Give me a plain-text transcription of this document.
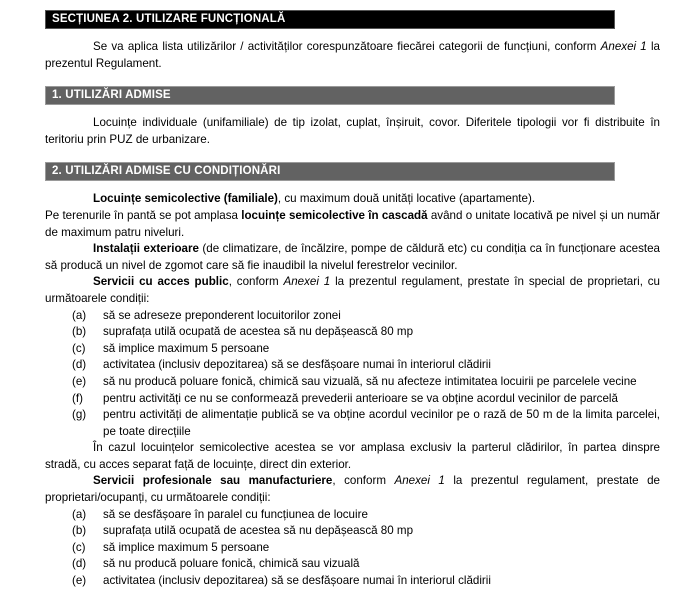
SECȚIUNEA 2. UTILIZARE FUNCȚIONALĂ

Se va aplica lista utilizărilor / activităților corespunzătoare fiecărei categorii de funcțiuni, conform Anexei 1 la prezentul Regulament.

1. UTILIZĂRI ADMISE

Locuințe individuale (unifamiliale) de tip izolat, cuplat, înșiruit, covor. Diferitele tipologii vor fi distribuite în teritoriu prin PUZ de urbanizare.

2. UTILIZĂRI ADMISE CU CONDIȚIONĂRI

Locuințe semicolective (familiale), cu maximum două unități locative (apartamente).

Pe terenurile în pantă se pot amplasa locuințe semicolective în cascadă având o unitate locativă pe nivel și un număr de maximum patru niveluri.

Instalații exterioare (de climatizare, de încălzire, pompe de căldură etc) cu condiția ca în funcționare acestea să producă un nivel de zgomot care să fie inaudibil la nivelul ferestrelor vecinilor.

Servicii cu acces public, conform Anexei 1 la prezentul regulament, prestate în special de proprietari, cu următoarele condiții:

(a)	să se adreseze preponderent locuitorilor zonei
(b)	suprafața utilă ocupată de acestea să nu depășească 80 mp
(c)	să implice maximum 5 persoane
(d)	activitatea (inclusiv depozitarea) să se desfășoare numai în interiorul clădirii
(e)	să nu producă poluare fonică, chimică sau vizuală, să nu afecteze intimitatea locuirii pe parcelele vecine
(f)	pentru activități ce nu se conformează prevederii anterioare se va obține acordul vecinilor de parcelă
(g)	pentru activități de alimentație publică se va obține acordul vecinilor pe o rază de 50 m de la limita parcelei, pe toate direcțiile

În cazul locuințelor semicolective acestea se vor amplasa exclusiv la parterul clădirilor, în partea dinspre stradă, cu acces separat față de locuințe, direct din exterior.

Servicii profesionale sau manufacturiere, conform Anexei 1 la prezentul regulament, prestate de proprietari/ocupanți, cu următoarele condiții:

(a)	să se desfășoare în paralel cu funcțiunea de locuire
(b)	suprafața utilă ocupată de acestea să nu depășească 80 mp
(c)	să implice maximum 5 persoane
(d)	să nu producă poluare fonică, chimică sau vizuală
(e)	activitatea (inclusiv depozitarea) să se desfășoare numai în interiorul clădirii
